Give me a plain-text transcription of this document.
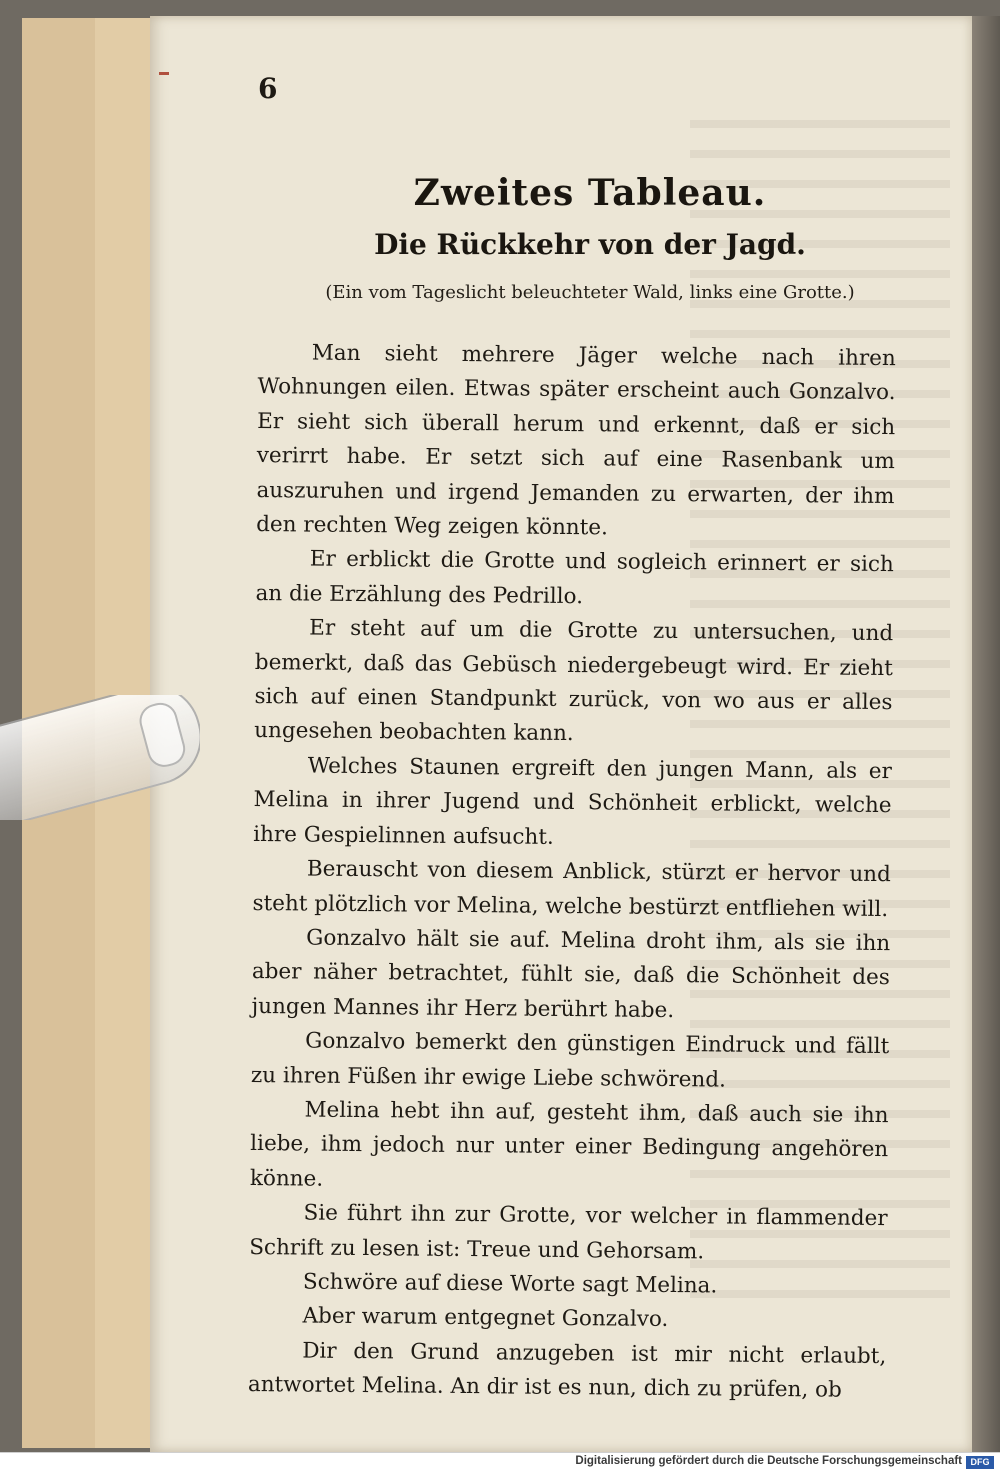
6
Zweites Tableau.
Die Rückkehr von der Jagd.
(Ein vom Tageslicht beleuchteter Wald, links eine Grotte.)

Man sieht mehrere Jäger welche nach ihren Wohnungen eilen. Etwas später erscheint auch Gonzalvo. Er sieht sich überall herum und erkennt, daß er sich verirrt habe. Er setzt sich auf eine Rasenbank um auszuruhen und irgend Jemanden zu erwarten, der ihm den rechten Weg zeigen könnte.

Er erblickt die Grotte und sogleich erinnert er sich an die Erzählung des Pedrillo.

Er steht auf um die Grotte zu untersuchen, und bemerkt, daß das Gebüsch niedergebeugt wird. Er zieht sich auf einen Standpunkt zurück, von wo aus er alles ungesehen beobachten kann.

Welches Staunen ergreift den jungen Mann, als er Melina in ihrer Jugend und Schönheit erblickt, welche ihre Gespielinnen aufsucht.

Berauscht von diesem Anblick, stürzt er hervor und steht plötzlich vor Melina, welche bestürzt entfliehen will.

Gonzalvo hält sie auf. Melina droht ihm, als sie ihn aber näher betrachtet, fühlt sie, daß die Schönheit des jungen Mannes ihr Herz berührt habe.

Gonzalvo bemerkt den günstigen Eindruck und fällt zu ihren Füßen ihr ewige Liebe schwörend.

Melina hebt ihn auf, gesteht ihm, daß auch sie ihn liebe, ihm jedoch nur unter einer Bedingung angehören könne.

Sie führt ihn zur Grotte, vor welcher in flammender Schrift zu lesen ist: Treue und Gehorsam.

Schwöre auf diese Worte sagt Melina.

Aber warum entgegnet Gonzalvo.

Dir den Grund anzugeben ist mir nicht erlaubt, antwortet Melina. An dir ist es nun, dich zu prüfen, ob

Digitalisierung gefördert durch die Deutsche Forschungsgemeinschaft DFG
